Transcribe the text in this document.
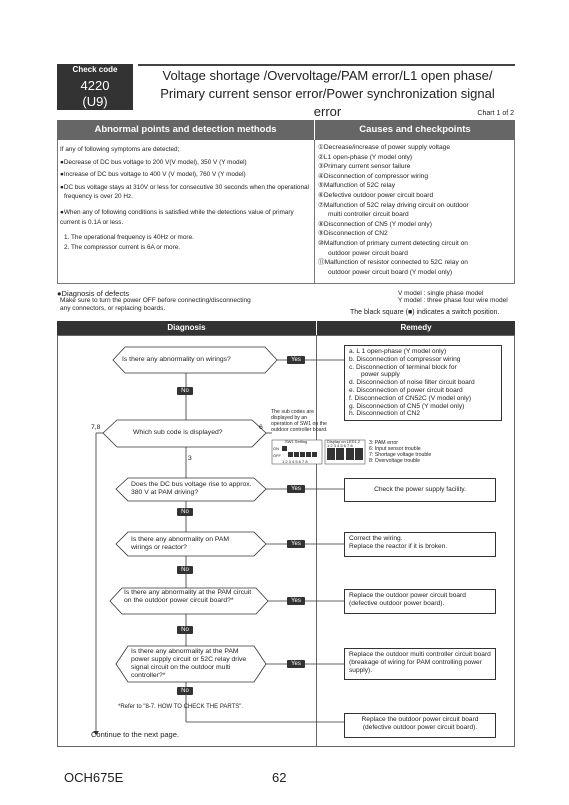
Check code
4220
(U9)
Voltage shortage /Overvoltage/PAM error/L1 open phase/
Primary current sensor error/Power synchronization signal error	Chart 1 of 2
Abnormal points and detection methods	Causes and checkpoints

If any of following symptoms are detected;

●Decrease of DC bus voltage to 200 V(V model), 350 V (Y model)

●Increase of DC bus voltage to 400 V (V model), 760 V (Y model)

●DC bus voltage stays at 310V or less for consecutive 30 seconds when the operational frequency is over 20 Hz.

●When any of following conditions is satisfied while the detections value of primary current is 0.1A or less.

1. The operational frequency is 40Hz or more.

2. The compressor current is 6A or more.

①Decrease/increase of power supply voltage
②L1 open-phase (Y model only)
③Primary current sensor failure
④Disconnection of compressor wiring
⑤Malfunction of 52C relay
⑥Defective outdoor power circuit board
⑦Malfunction of 52C relay driving circuit on outdoor
multi controller circuit board
⑧Disconnection of CN5 (Y model only)
⑨Disconnection of CN2
⑩Malfunction of primary current detecting circuit on
outdoor power circuit board
⑪Malfunction of resistor connected to 52C relay on
outdoor power circuit board (Y model only)
●Diagnosis of defects
Make sure to turn the power OFF before connecting/disconnecting
any connectors, or replacing boards.
V model : single phase model
Y model : three phase four wire model
The black square (■) indicates a switch position.
Diagnosis	Remedy
Is there any abnormality on wirings?	Yes
No
Which sub code is displayed?
7,8	6
3
The sub codes are displayed by an operation of SW1 on the outdoor controller board.
SW1 Setting	Display on LED1,2
ON
OFF
1 2 3 4 5 6 7 8
1 2 3 4 5 6 7 8	3: PAM error
6: Input sensor trouble
7: Shortage voltage trouble
8: Overvoltage trouble
Does the DC bus voltage rise to approx. 380 V at PAM driving?	Yes
No
Is there any abnormality on PAM wirings or reactor?	Yes
No
Is there any abnormality at the PAM circuit on the outdoor power circuit board?*	Yes
No
Is there any abnormality at the PAM power supply circuit or 52C relay drive signal circuit on the outdoor multi controller?*
Yes
No
*Refer to "8-7. HOW TO CHECK THE PARTS".
Continue to the next page.
a. L 1 open-phase (Y model only)
b. Disconnection of compressor wiring
c. Disconnection of terminal block for
power supply
d. Disconnection of noise filter circuit board
e. Disconnection of power circuit board
f. Disconnection of CN52C (V model only)
g. Disconnection of CN5 (Y model only)
h. Disconnection of CN2
Check the power supply facility.
Correct the wiring.
Replace the reactor if it is broken.
Replace the outdoor power circuit board (defective outdoor power board).
Replace the outdoor multi controller circuit board (breakage of wiring for PAM controlling power supply).
Replace the outdoor power circuit board (defective outdoor power circuit board).
OCH675E	62
